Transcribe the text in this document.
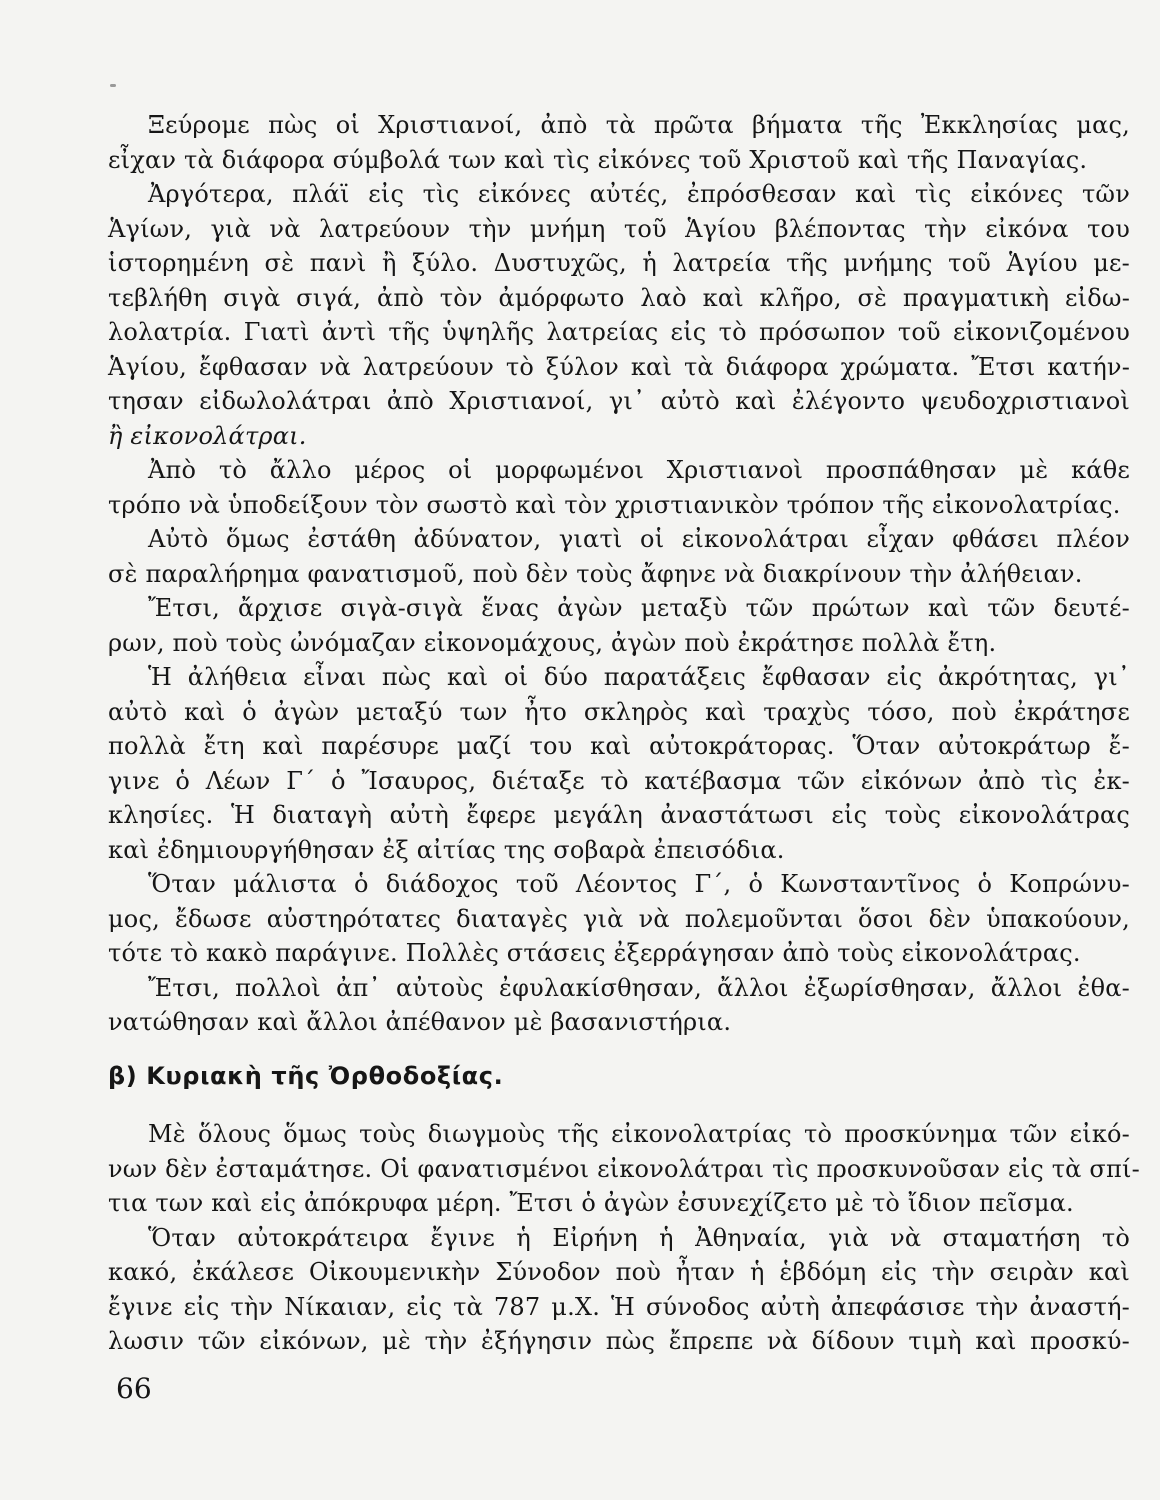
Ξεύρομε πὼς οἱ Χριστιανοί, ἀπὸ τὰ πρῶτα βήματα τῆς Ἐκκλησίας μας,
εἶχαν τὰ διάφορα σύμβολά των καὶ τὶς εἰκόνες τοῦ Χριστοῦ καὶ τῆς Παναγίας.
Ἀργότερα, πλάϊ εἰς τὶς εἰκόνες αὐτές, ἐπρόσθεσαν καὶ τὶς εἰκόνες τῶν
Ἁγίων, γιὰ νὰ λατρεύουν τὴν μνήμη τοῦ Ἁγίου βλέποντας τὴν εἰκόνα του
ἱστορημένη σὲ πανὶ ἢ ξύλο. Δυστυχῶς, ἡ λατρεία τῆς μνήμης τοῦ Ἁγίου με-
τεβλήθη σιγὰ σιγά, ἀπὸ τὸν ἀμόρφωτο λαὸ καὶ κλῆρο, σὲ πραγματικὴ εἰδω-
λολατρία. Γιατὶ ἀντὶ τῆς ὑψηλῆς λατρείας εἰς τὸ πρόσωπον τοῦ εἰκονιζομένου
Ἁγίου, ἔφθασαν νὰ λατρεύουν τὸ ξύλον καὶ τὰ διάφορα χρώματα. Ἔτσι κατήν-
τησαν εἰδωλολάτραι ἀπὸ Χριστιανοί, γι᾿ αὐτὸ καὶ ἐλέγοντο ψευδοχριστιανοὶ
ἢ εἰκονολάτραι.
Ἀπὸ τὸ ἄλλο μέρος οἱ μορφωμένοι Χριστιανοὶ προσπάθησαν μὲ κάθε
τρόπο νὰ ὑποδείξουν τὸν σωστὸ καὶ τὸν χριστιανικὸν τρόπον τῆς εἰκονολατρίας.
Αὐτὸ ὅμως ἐστάθη ἀδύνατον, γιατὶ οἱ εἰκονολάτραι εἶχαν φθάσει πλέον
σὲ παραλήρημα φανατισμοῦ, ποὺ δὲν τοὺς ἄφηνε νὰ διακρίνουν τὴν ἀλήθειαν.
Ἔτσι, ἄρχισε σιγὰ-σιγὰ ἕνας ἀγὼν μεταξὺ τῶν πρώτων καὶ τῶν δευτέ-
ρων, ποὺ τοὺς ὠνόμαζαν εἰκονομάχους, ἀγὼν ποὺ ἐκράτησε πολλὰ ἔτη.
Ἡ ἀλήθεια εἶναι πὼς καὶ οἱ δύο παρατάξεις ἔφθασαν εἰς ἀκρότητας, γι᾿
αὐτὸ καὶ ὁ ἀγὼν μεταξύ των ἦτο σκληρὸς καὶ τραχὺς τόσο, ποὺ ἐκράτησε
πολλὰ ἔτη καὶ παρέσυρε μαζί του καὶ αὐτοκράτορας. Ὅταν αὐτοκράτωρ ἔ-
γινε ὁ Λέων Γ΄ ὁ Ἴσαυρος, διέταξε τὸ κατέβασμα τῶν εἰκόνων ἀπὸ τὶς ἐκ-
κλησίες. Ἡ διαταγὴ αὐτὴ ἔφερε μεγάλη ἀναστάτωσι εἰς τοὺς εἰκονολάτρας
καὶ ἐδημιουργήθησαν ἐξ αἰτίας της σοβαρὰ ἐπεισόδια.
Ὅταν μάλιστα ὁ διάδοχος τοῦ Λέοντος Γ΄, ὁ Κωνσταντῖνος ὁ Κοπρώνυ-
μος, ἔδωσε αὐστηρότατες διαταγὲς γιὰ νὰ πολεμοῦνται ὅσοι δὲν ὑπακούουν,
τότε τὸ κακὸ παράγινε. Πολλὲς στάσεις ἐξερράγησαν ἀπὸ τοὺς εἰκονολάτρας.
Ἔτσι, πολλοὶ ἀπ᾿ αὐτοὺς ἐφυλακίσθησαν, ἄλλοι ἐξωρίσθησαν, ἄλλοι ἐθα-
νατώθησαν καὶ ἄλλοι ἀπέθανον μὲ βασανιστήρια.
β) Κυριακὴ τῆς Ὀρθοδοξίας.
Μὲ ὅλους ὅμως τοὺς διωγμοὺς τῆς εἰκονολατρίας τὸ προσκύνημα τῶν εἰκό-
νων δὲν ἐσταμάτησε. Οἱ φανατισμένοι εἰκονολάτραι τὶς προσκυνοῦσαν εἰς τὰ σπί-
τια των καὶ εἰς ἀπόκρυφα μέρη. Ἔτσι ὁ ἀγὼν ἐσυνεχίζετο μὲ τὸ ἴδιον πεῖσμα.
Ὅταν αὐτοκράτειρα ἔγινε ἡ Εἰρήνη ἡ Ἀθηναία, γιὰ νὰ σταματήση τὸ
κακό, ἐκάλεσε Οἰκουμενικὴν Σύνοδον ποὺ ἦταν ἡ ἑβδόμη εἰς τὴν σειρὰν καὶ
ἔγινε εἰς τὴν Νίκαιαν, εἰς τὰ 787 μ.Χ. Ἡ σύνοδος αὐτὴ ἀπεφάσισε τὴν ἀναστή-
λωσιν τῶν εἰκόνων, μὲ τὴν ἐξήγησιν πὼς ἔπρεπε νὰ δίδουν τιμὴ καὶ προσκύ-
66
